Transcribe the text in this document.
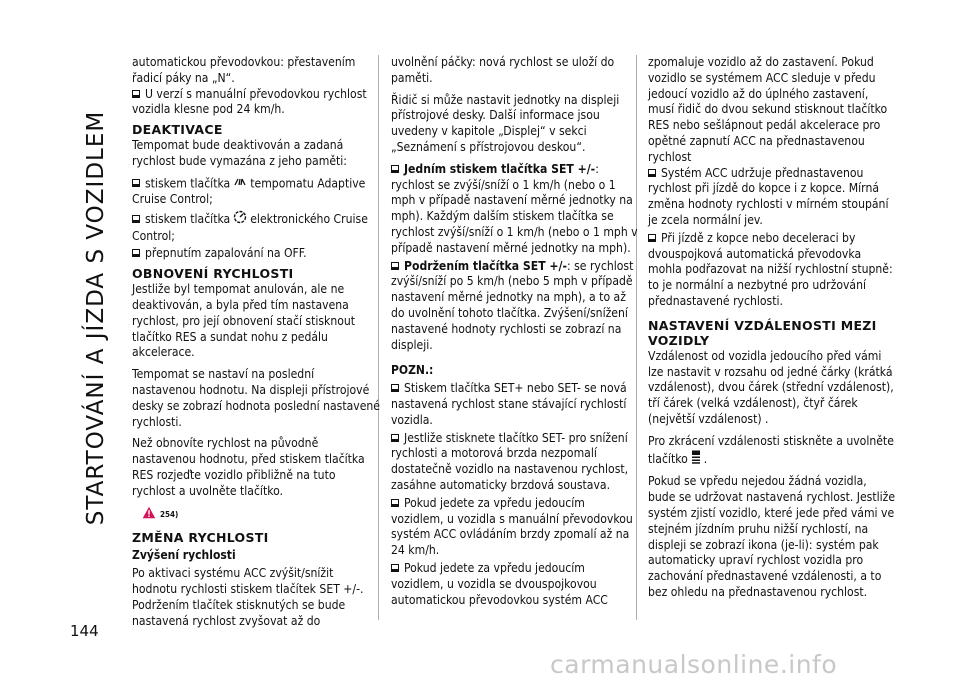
STARTOVÁNÍ A JÍZDA S VOZIDLEM
144

automatickou převodovkou: přestavením řadicí páky na „N“.

U verzí s manuální převodovkou rychlost vozidla klesne pod 24 km/h.

DEAKTIVACE

Tempomat bude deaktivován a zadaná rychlost bude vymazána z jeho paměti:

stiskem tlačítka tempomatu Adaptive Cruise Control;

stiskem tlačítka elektronického Cruise Control;

přepnutím zapalování na OFF.

OBNOVENÍ RYCHLOSTI

Jestliže byl tempomat anulován, ale ne deaktivován, a byla před tím nastavena rychlost, pro její obnovení stačí stisknout tlačítko RES a sundat nohu z pedálu akcelerace.

Tempomat se nastaví na poslední nastavenou hodnotu. Na displeji přístrojové desky se zobrazí hodnota poslední nastavené rychlosti.

Než obnovíte rychlost na původně nastavenou hodnotu, před stiskem tlačítka RES rozjeďte vozidlo přibližně na tuto rychlost a uvolněte tlačítko.

254)
ZMĚNA RYCHLOSTI
Zvýšení rychlosti

Po aktivaci systému ACC zvýšit/snížit hodnotu rychlosti stiskem tlačítek SET +/-. Podržením tlačítek stisknutých se bude nastavená rychlost zvyšovat až do

uvolnění páčky: nová rychlost se uloží do paměti.

Řidič si může nastavit jednotky na displeji přístrojové desky. Další informace jsou uvedeny v kapitole „Displej“ v sekci „Seznámení s přístrojovou deskou“.

Jedním stiskem tlačítka SET +/-: rychlost se zvýší/sníží o 1 km/h (nebo o 1 mph v případě nastavení měrné jednotky na mph). Každým dalším stiskem tlačítka se rychlost zvýší/sníží o 1 km/h (nebo o 1 mph v případě nastavení měrné jednotky na mph).

Podržením tlačítka SET +/-: se rychlost zvýší/sníží po 5 km/h (nebo 5 mph v případě nastavení měrné jednotky na mph), a to až do uvolnění tohoto tlačítka. Zvýšení/snížení nastavené hodnoty rychlosti se zobrazí na displeji.

POZN.:

Stiskem tlačítka SET+ nebo SET- se nová nastavená rychlost stane stávající rychlostí vozidla.

Jestliže stisknete tlačítko SET- pro snížení rychlosti a motorová brzda nezpomalí dostatečně vozidlo na nastavenou rychlost, zasáhne automaticky brzdová soustava.

Pokud jedete za vpředu jedoucím vozidlem, u vozidla s manuální převodovkou systém ACC ovládáním brzdy zpomalí až na 24 km/h.

Pokud jedete za vpředu jedoucím vozidlem, u vozidla se dvouspojkovou automatickou převodovkou systém ACC

zpomaluje vozidlo až do zastavení. Pokud vozidlo se systémem ACC sleduje v předu jedoucí vozidlo až do úplného zastavení, musí řidič do dvou sekund stisknout tlačítko RES nebo sešlápnout pedál akcelerace pro opětné zapnutí ACC na přednastavenou rychlost

Systém ACC udržuje přednastavenou rychlost při jízdě do kopce i z kopce. Mírná změna hodnoty rychlosti v mírném stoupání je zcela normální jev.

Při jízdě z kopce nebo deceleraci by dvouspojková automatická převodovka mohla podřazovat na nižší rychlostní stupně: to je normální a nezbytné pro udržování přednastavené rychlosti.

NASTAVENÍ VZDÁLENOSTI MEZI VOZIDLY

Vzdálenost od vozidla jedoucího před vámi lze nastavit v rozsahu od jedné čárky (krátká vzdálenost), dvou čárek (střední vzdálenost), tří čárek (velká vzdálenost), čtyř čárek (největší vzdálenost) .

Pro zkrácení vzdálenosti stiskněte a uvolněte tlačítko .

Pokud se vpředu nejedou žádná vozidla, bude se udržovat nastavená rychlost. Jestliže systém zjistí vozidlo, které jede před vámi ve stejném jízdním pruhu nižší rychlostí, na displeji se zobrazí ikona (je-li): systém pak automaticky upraví rychlost vozidla pro zachování přednastavené vzdálenosti, a to bez ohledu na přednastavenou rychlost.

carmanualsonline.info
